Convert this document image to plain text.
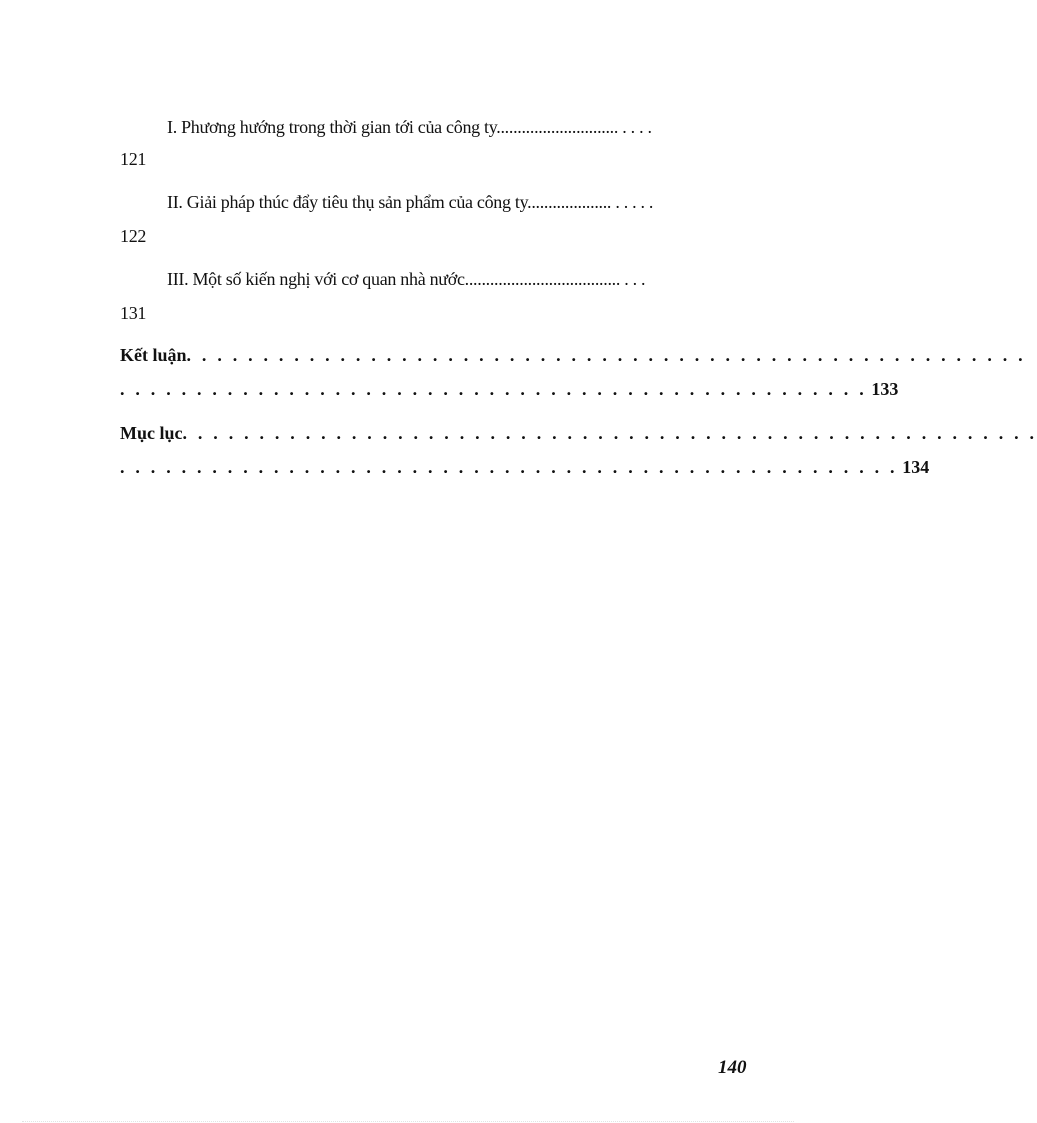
I. Phương hướng trong thời gian tới của công ty............................. . . . .
121
II. Giải pháp thúc đẩy tiêu thụ sản phẩm của công ty.................... . . . . .
122
III. Một số kiến nghị với cơ quan nhà nước..................................... . . .
131
Kết luận. . . . . . . . . . . . . . . . . . . . . . . . . . . . . . . . . . . . . . . . . . . . . . . . . . . . . . .
. . . . . . . . . . . . . . . . . . . . . . . . . . . . . . . . . . . . . . . . . . . . . . . . . 133
Mục lục. . . . . . . . . . . . . . . . . . . . . . . . . . . . . . . . . . . . . . . . . . . . . . . . . . . . . . . .
. . . . . . . . . . . . . . . . . . . . . . . . . . . . . . . . . . . . . . . . . . . . . . . . . . . 134
140
